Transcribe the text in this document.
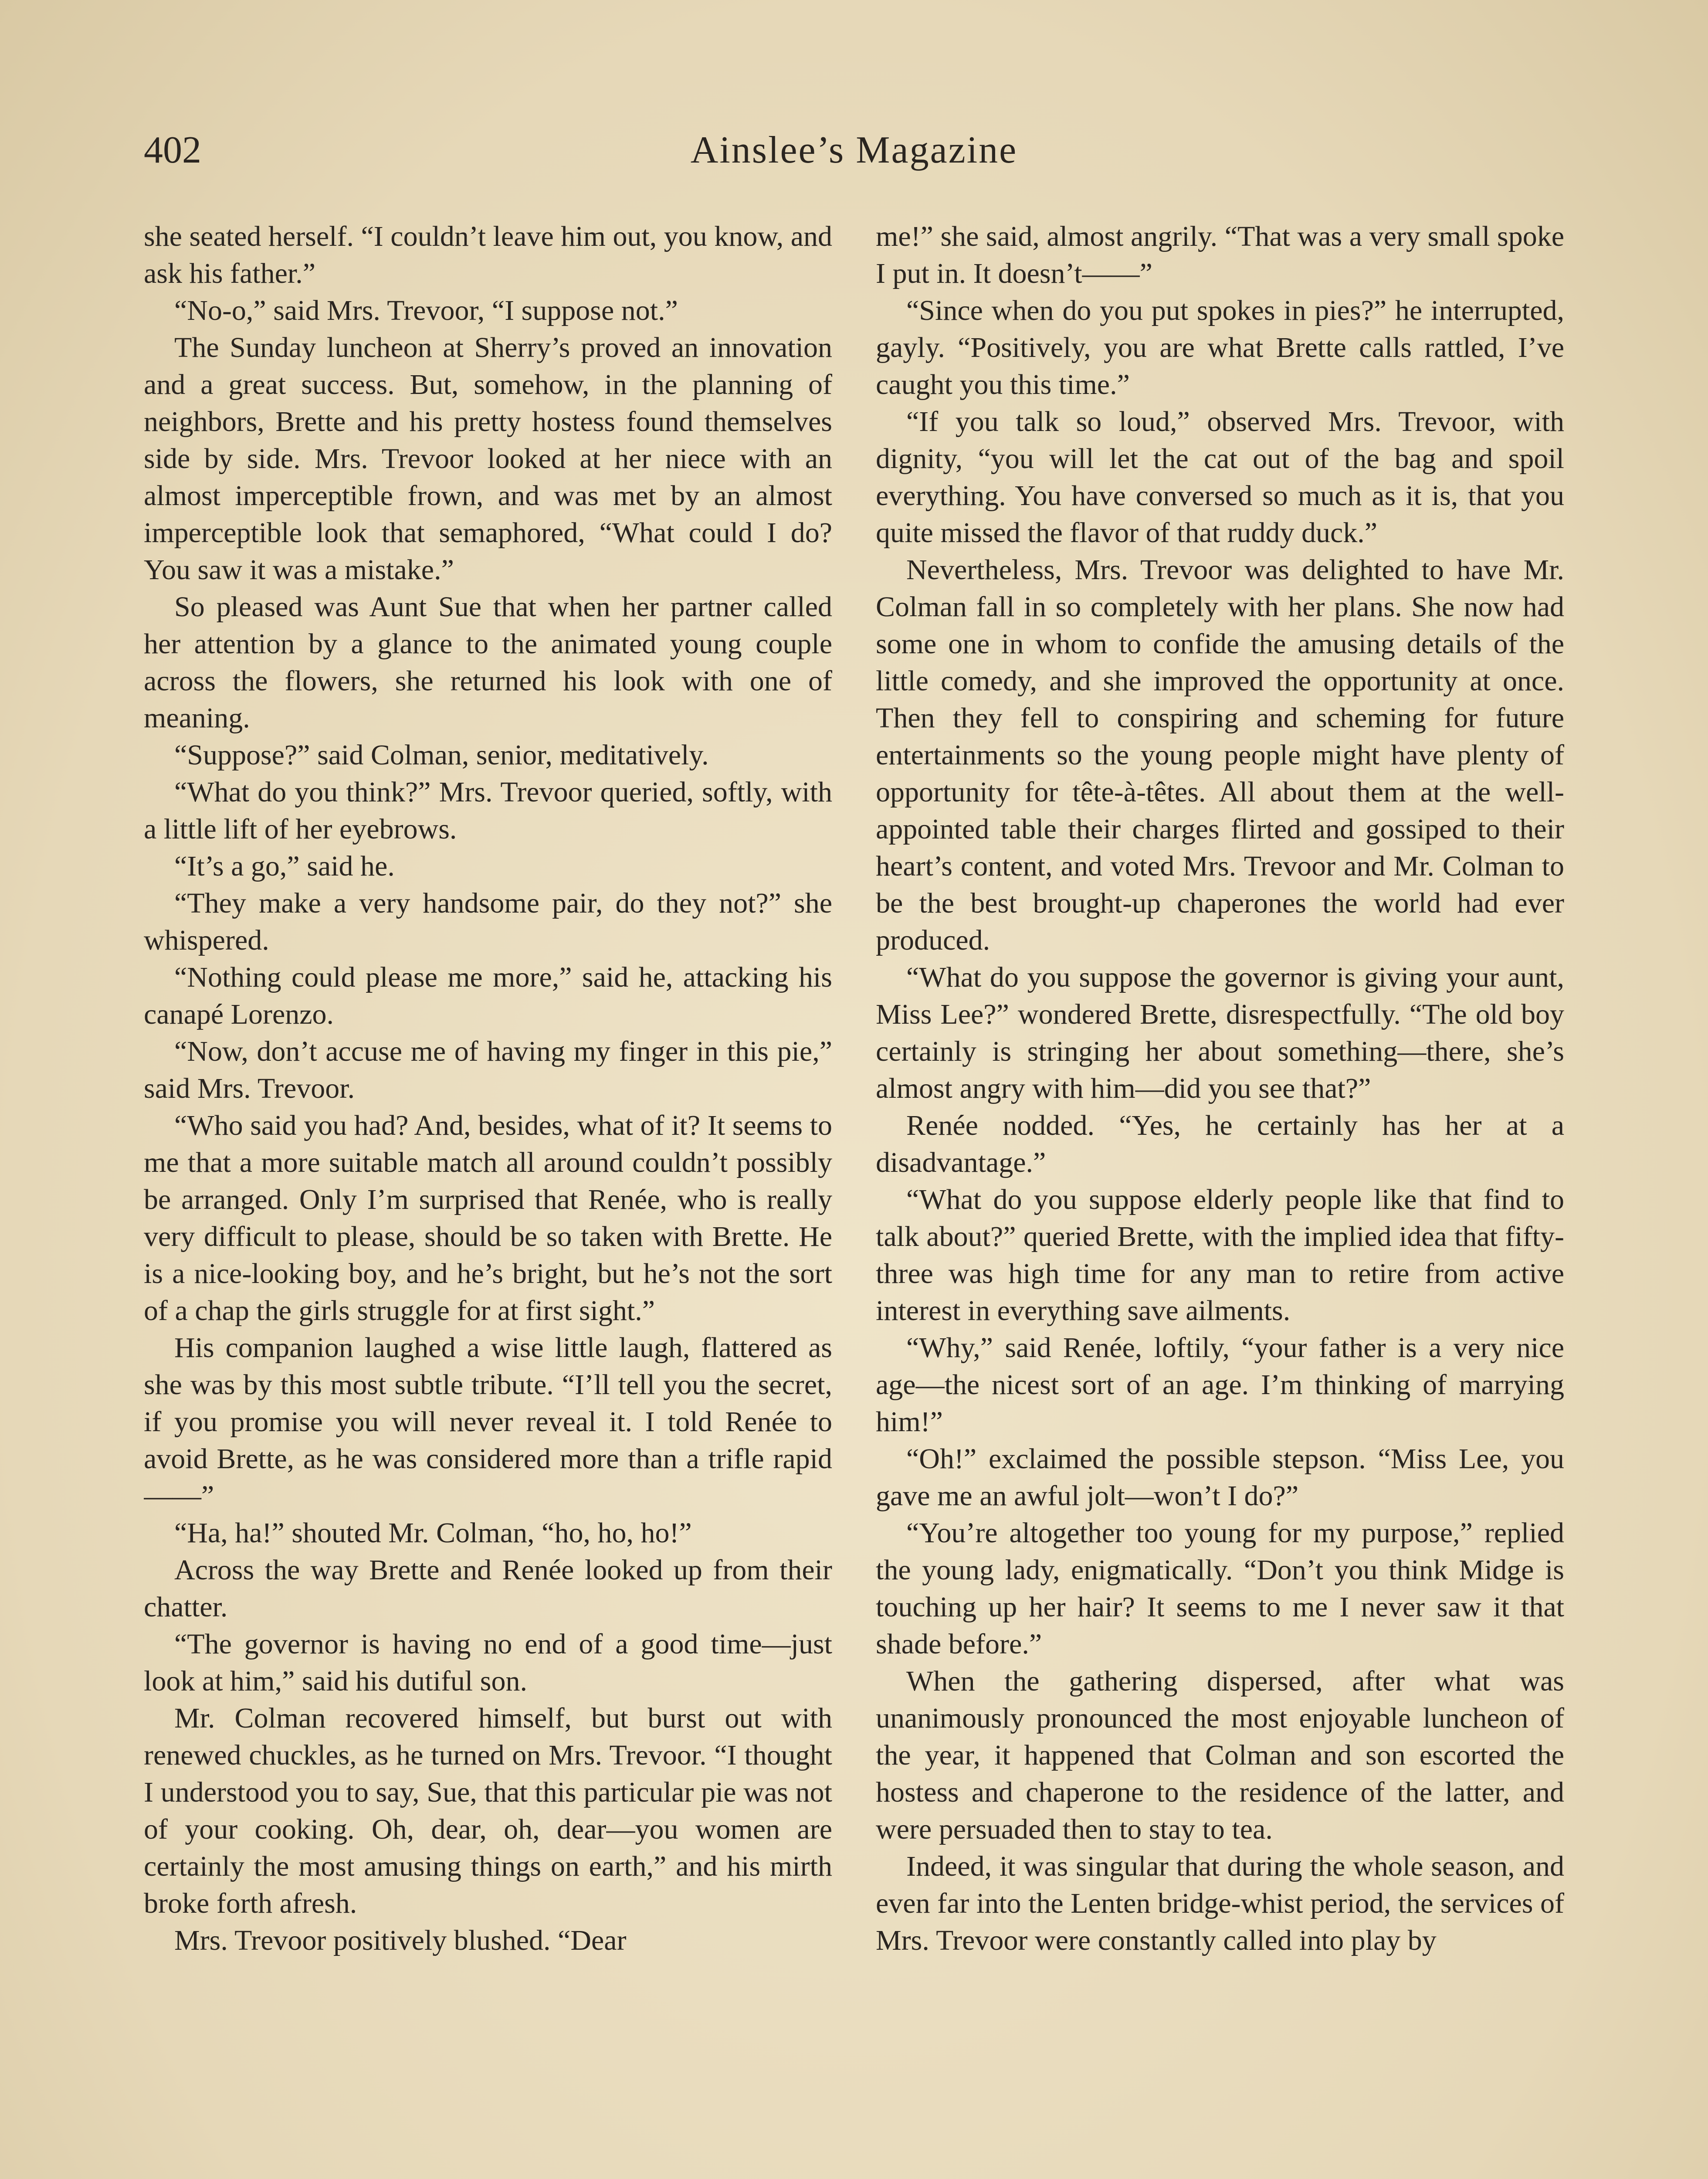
402	Ainslee’s Magazine

she seated herself. “I couldn’t leave him out, you know, and ask his father.”

“No-o,” said Mrs. Trevoor, “I suppose not.”

The Sunday luncheon at Sherry’s proved an innovation and a great success. But, somehow, in the planning of neighbors, Brette and his pretty hostess found themselves side by side. Mrs. Trevoor looked at her niece with an almost imperceptible frown, and was met by an almost imperceptible look that semaphored, “What could I do? You saw it was a mistake.”

So pleased was Aunt Sue that when her partner called her attention by a glance to the animated young couple across the flowers, she returned his look with one of meaning.

“Suppose?” said Colman, senior, meditatively.

“What do you think?” Mrs. Trevoor queried, softly, with a little lift of her eyebrows.

“It’s a go,” said he.

“They make a very handsome pair, do they not?” she whispered.

“Nothing could please me more,” said he, attacking his canapé Lorenzo.

“Now, don’t accuse me of having my finger in this pie,” said Mrs. Trevoor.

“Who said you had? And, besides, what of it? It seems to me that a more suitable match all around couldn’t possibly be arranged. Only I’m surprised that Renée, who is really very difficult to please, should be so taken with Brette. He is a nice-looking boy, and he’s bright, but he’s not the sort of a chap the girls struggle for at first sight.”

His companion laughed a wise little laugh, flattered as she was by this most subtle tribute. “I’ll tell you the secret, if you promise you will never reveal it. I told Renée to avoid Brette, as he was considered more than a trifle rapid——”

“Ha, ha!” shouted Mr. Colman, “ho, ho, ho!”

Across the way Brette and Renée looked up from their chatter.

“The governor is having no end of a good time—just look at him,” said his dutiful son.

Mr. Colman recovered himself, but burst out with renewed chuckles, as he turned on Mrs. Trevoor. “I thought I understood you to say, Sue, that this particular pie was not of your cooking. Oh, dear, oh, dear—you women are certainly the most amusing things on earth,” and his mirth broke forth afresh.

Mrs. Trevoor positively blushed. “Dear

me!” she said, almost angrily. “That was a very small spoke I put in. It doesn’t——”

“Since when do you put spokes in pies?” he interrupted, gayly. “Positively, you are what Brette calls rattled, I’ve caught you this time.”

“If you talk so loud,” observed Mrs. Trevoor, with dignity, “you will let the cat out of the bag and spoil everything. You have conversed so much as it is, that you quite missed the flavor of that ruddy duck.”

Nevertheless, Mrs. Trevoor was delighted to have Mr. Colman fall in so completely with her plans. She now had some one in whom to confide the amusing details of the little comedy, and she improved the opportunity at once. Then they fell to conspiring and scheming for future entertainments so the young people might have plenty of opportunity for tête-à-têtes. All about them at the well-appointed table their charges flirted and gossiped to their heart’s content, and voted Mrs. Trevoor and Mr. Colman to be the best brought-up chaperones the world had ever produced.

“What do you suppose the governor is giving your aunt, Miss Lee?” wondered Brette, disrespectfully. “The old boy certainly is stringing her about something—there, she’s almost angry with him—did you see that?”

Renée nodded. “Yes, he certainly has her at a disadvantage.”

“What do you suppose elderly people like that find to talk about?” queried Brette, with the implied idea that fifty-three was high time for any man to retire from active interest in everything save ailments.

“Why,” said Renée, loftily, “your father is a very nice age—the nicest sort of an age. I’m thinking of marrying him!”

“Oh!” exclaimed the possible stepson. “Miss Lee, you gave me an awful jolt—won’t I do?”

“You’re altogether too young for my purpose,” replied the young lady, enigmatically. “Don’t you think Midge is touching up her hair? It seems to me I never saw it that shade before.”

When the gathering dispersed, after what was unanimously pronounced the most enjoyable luncheon of the year, it happened that Colman and son escorted the hostess and chaperone to the residence of the latter, and were persuaded then to stay to tea.

Indeed, it was singular that during the whole season, and even far into the Lenten bridge-whist period, the services of Mrs. Trevoor were constantly called into play by
